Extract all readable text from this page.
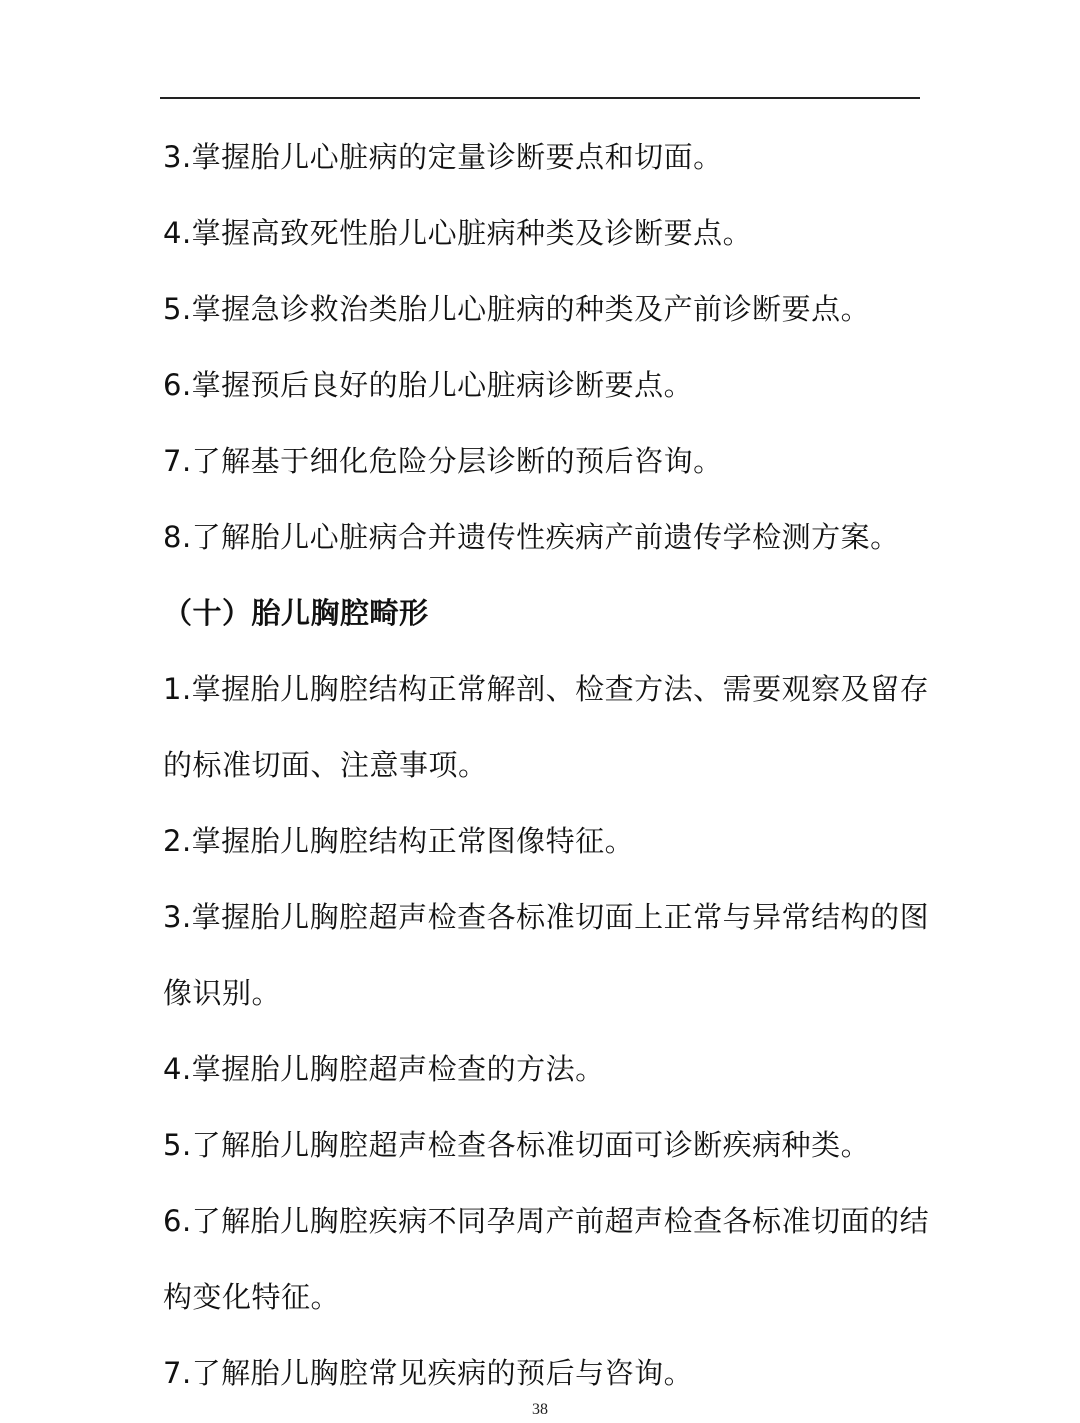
3.掌握胎儿心脏病的定量诊断要点和切面。
4.掌握高致死性胎儿心脏病种类及诊断要点。
5.掌握急诊救治类胎儿心脏病的种类及产前诊断要点。
6.掌握预后良好的胎儿心脏病诊断要点。
7.了解基于细化危险分层诊断的预后咨询。
8.了解胎儿心脏病合并遗传性疾病产前遗传学检测方案。
（十）胎儿胸腔畸形
1.掌握胎儿胸腔结构正常解剖、检查方法、需要观察及留存
的标准切面、注意事项。
2.掌握胎儿胸腔结构正常图像特征。
3.掌握胎儿胸腔超声检查各标准切面上正常与异常结构的图
像识别。
4.掌握胎儿胸腔超声检查的方法。
5.了解胎儿胸腔超声检查各标准切面可诊断疾病种类。
6.了解胎儿胸腔疾病不同孕周产前超声检查各标准切面的结
构变化特征。
7.了解胎儿胸腔常见疾病的预后与咨询。
38
